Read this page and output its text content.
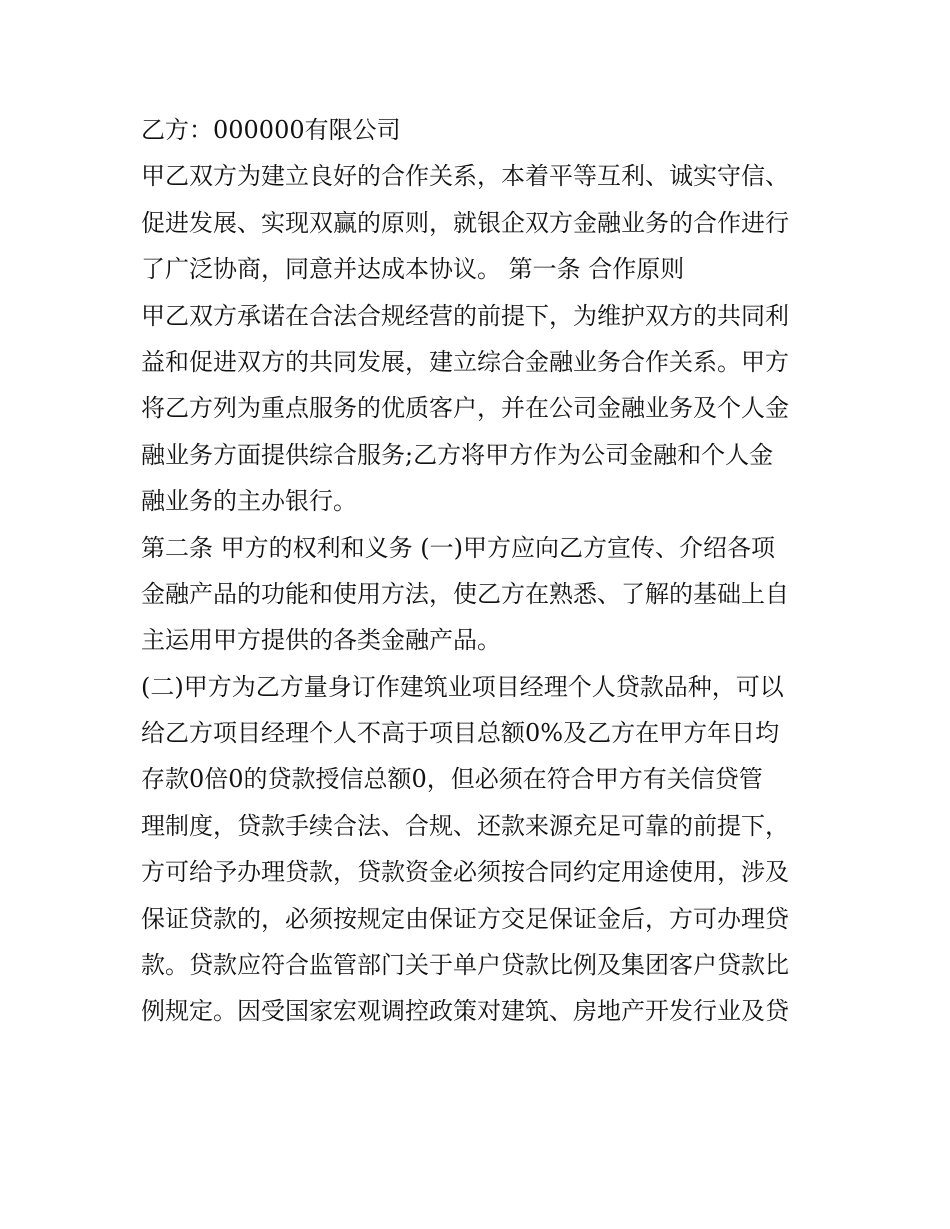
乙方：000000有限公司
甲乙双方为建立良好的合作关系，本着平等互利、诚实守信、
促进发展、实现双赢的原则，就银企双方金融业务的合作进行
了广泛协商，同意并达成本协议。 第一条 合作原则
甲乙双方承诺在合法合规经营的前提下，为维护双方的共同利
益和促进双方的共同发展，建立综合金融业务合作关系。甲方
将乙方列为重点服务的优质客户，并在公司金融业务及个人金
融业务方面提供综合服务;乙方将甲方作为公司金融和个人金
融业务的主办银行。
第二条 甲方的权利和义务 (一)甲方应向乙方宣传、介绍各项
金融产品的功能和使用方法，使乙方在熟悉、了解的基础上自
主运用甲方提供的各类金融产品。
(二)甲方为乙方量身订作建筑业项目经理个人贷款品种，可以
给乙方项目经理个人不高于项目总额0%及乙方在甲方年日均
存款0倍0的贷款授信总额0，但必须在符合甲方有关信贷管
理制度，贷款手续合法、合规、还款来源充足可靠的前提下，
方可给予办理贷款，贷款资金必须按合同约定用途使用，涉及
保证贷款的，必须按规定由保证方交足保证金后，方可办理贷
款。贷款应符合监管部门关于单户贷款比例及集团客户贷款比
例规定。因受国家宏观调控政策对建筑、房地产开发行业及贷
